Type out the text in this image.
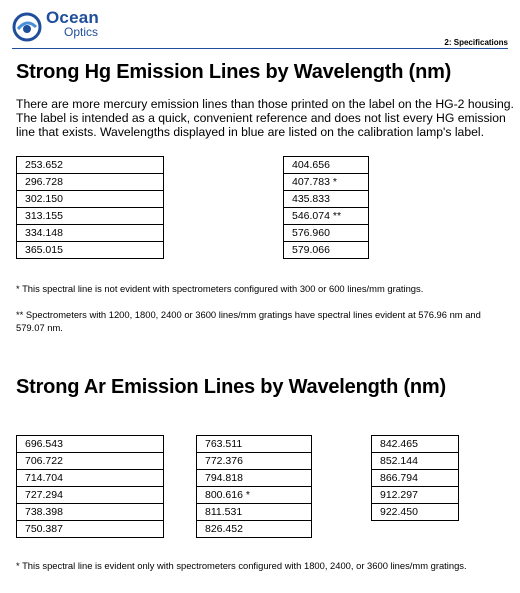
Ocean
Optics
2: Specifications
Strong Hg Emission Lines by Wavelength (nm)

There are more mercury emission lines than those printed on the label on the HG-2 housing. The label is intended as a quick, convenient reference and does not list every HG emission line that exists. Wavelengths displayed in blue are listed on the calibration lamp's label.

253.652
296.728
302.150
313.155
334.148
365.015
404.656
407.783 *
435.833
546.074 **
576.960
579.066
* This spectral line is not evident with spectrometers configured with 300 or 600 lines/mm gratings.
** Spectrometers with 1200, 1800, 2400 or 3600 lines/mm gratings have spectral lines evident at 576.96 nm and 579.07 nm.
Strong Ar Emission Lines by Wavelength (nm)
696.543
706.722
714.704
727.294
738.398
750.387
763.511
772.376
794.818
800.616 *
811.531
826.452
842.465
852.144
866.794
912.297
922.450
* This spectral line is evident only with spectrometers configured with 1800, 2400, or 3600 lines/mm gratings.
